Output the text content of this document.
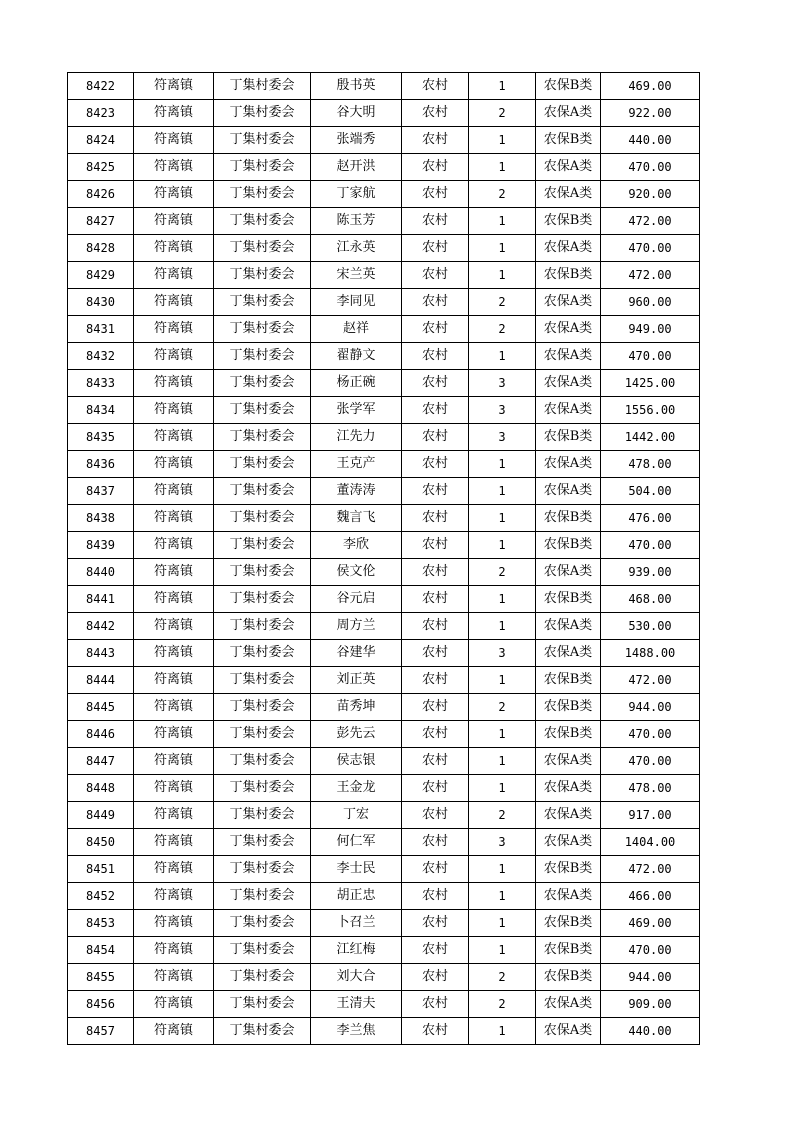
8422	符离镇	丁集村委会	殷书英	农村	1	农保B类	469.00
8423	符离镇	丁集村委会	谷大明	农村	2	农保A类	922.00
8424	符离镇	丁集村委会	张端秀	农村	1	农保B类	440.00
8425	符离镇	丁集村委会	赵开洪	农村	1	农保A类	470.00
8426	符离镇	丁集村委会	丁家航	农村	2	农保A类	920.00
8427	符离镇	丁集村委会	陈玉芳	农村	1	农保B类	472.00
8428	符离镇	丁集村委会	江永英	农村	1	农保A类	470.00
8429	符离镇	丁集村委会	宋兰英	农村	1	农保B类	472.00
8430	符离镇	丁集村委会	李同见	农村	2	农保A类	960.00
8431	符离镇	丁集村委会	赵祥	农村	2	农保A类	949.00
8432	符离镇	丁集村委会	翟静文	农村	1	农保A类	470.00
8433	符离镇	丁集村委会	杨正碗	农村	3	农保A类	1425.00
8434	符离镇	丁集村委会	张学军	农村	3	农保A类	1556.00
8435	符离镇	丁集村委会	江先力	农村	3	农保B类	1442.00
8436	符离镇	丁集村委会	王克产	农村	1	农保A类	478.00
8437	符离镇	丁集村委会	董涛涛	农村	1	农保A类	504.00
8438	符离镇	丁集村委会	魏言飞	农村	1	农保B类	476.00
8439	符离镇	丁集村委会	李欣	农村	1	农保B类	470.00
8440	符离镇	丁集村委会	侯文伦	农村	2	农保A类	939.00
8441	符离镇	丁集村委会	谷元启	农村	1	农保B类	468.00
8442	符离镇	丁集村委会	周方兰	农村	1	农保A类	530.00
8443	符离镇	丁集村委会	谷建华	农村	3	农保A类	1488.00
8444	符离镇	丁集村委会	刘正英	农村	1	农保B类	472.00
8445	符离镇	丁集村委会	苗秀坤	农村	2	农保B类	944.00
8446	符离镇	丁集村委会	彭先云	农村	1	农保B类	470.00
8447	符离镇	丁集村委会	侯志银	农村	1	农保A类	470.00
8448	符离镇	丁集村委会	王金龙	农村	1	农保A类	478.00
8449	符离镇	丁集村委会	丁宏	农村	2	农保A类	917.00
8450	符离镇	丁集村委会	何仁军	农村	3	农保A类	1404.00
8451	符离镇	丁集村委会	李士民	农村	1	农保B类	472.00
8452	符离镇	丁集村委会	胡正忠	农村	1	农保A类	466.00
8453	符离镇	丁集村委会	卜召兰	农村	1	农保B类	469.00
8454	符离镇	丁集村委会	江红梅	农村	1	农保B类	470.00
8455	符离镇	丁集村委会	刘大合	农村	2	农保B类	944.00
8456	符离镇	丁集村委会	王清夫	农村	2	农保A类	909.00
8457	符离镇	丁集村委会	李兰焦	农村	1	农保A类	440.00
